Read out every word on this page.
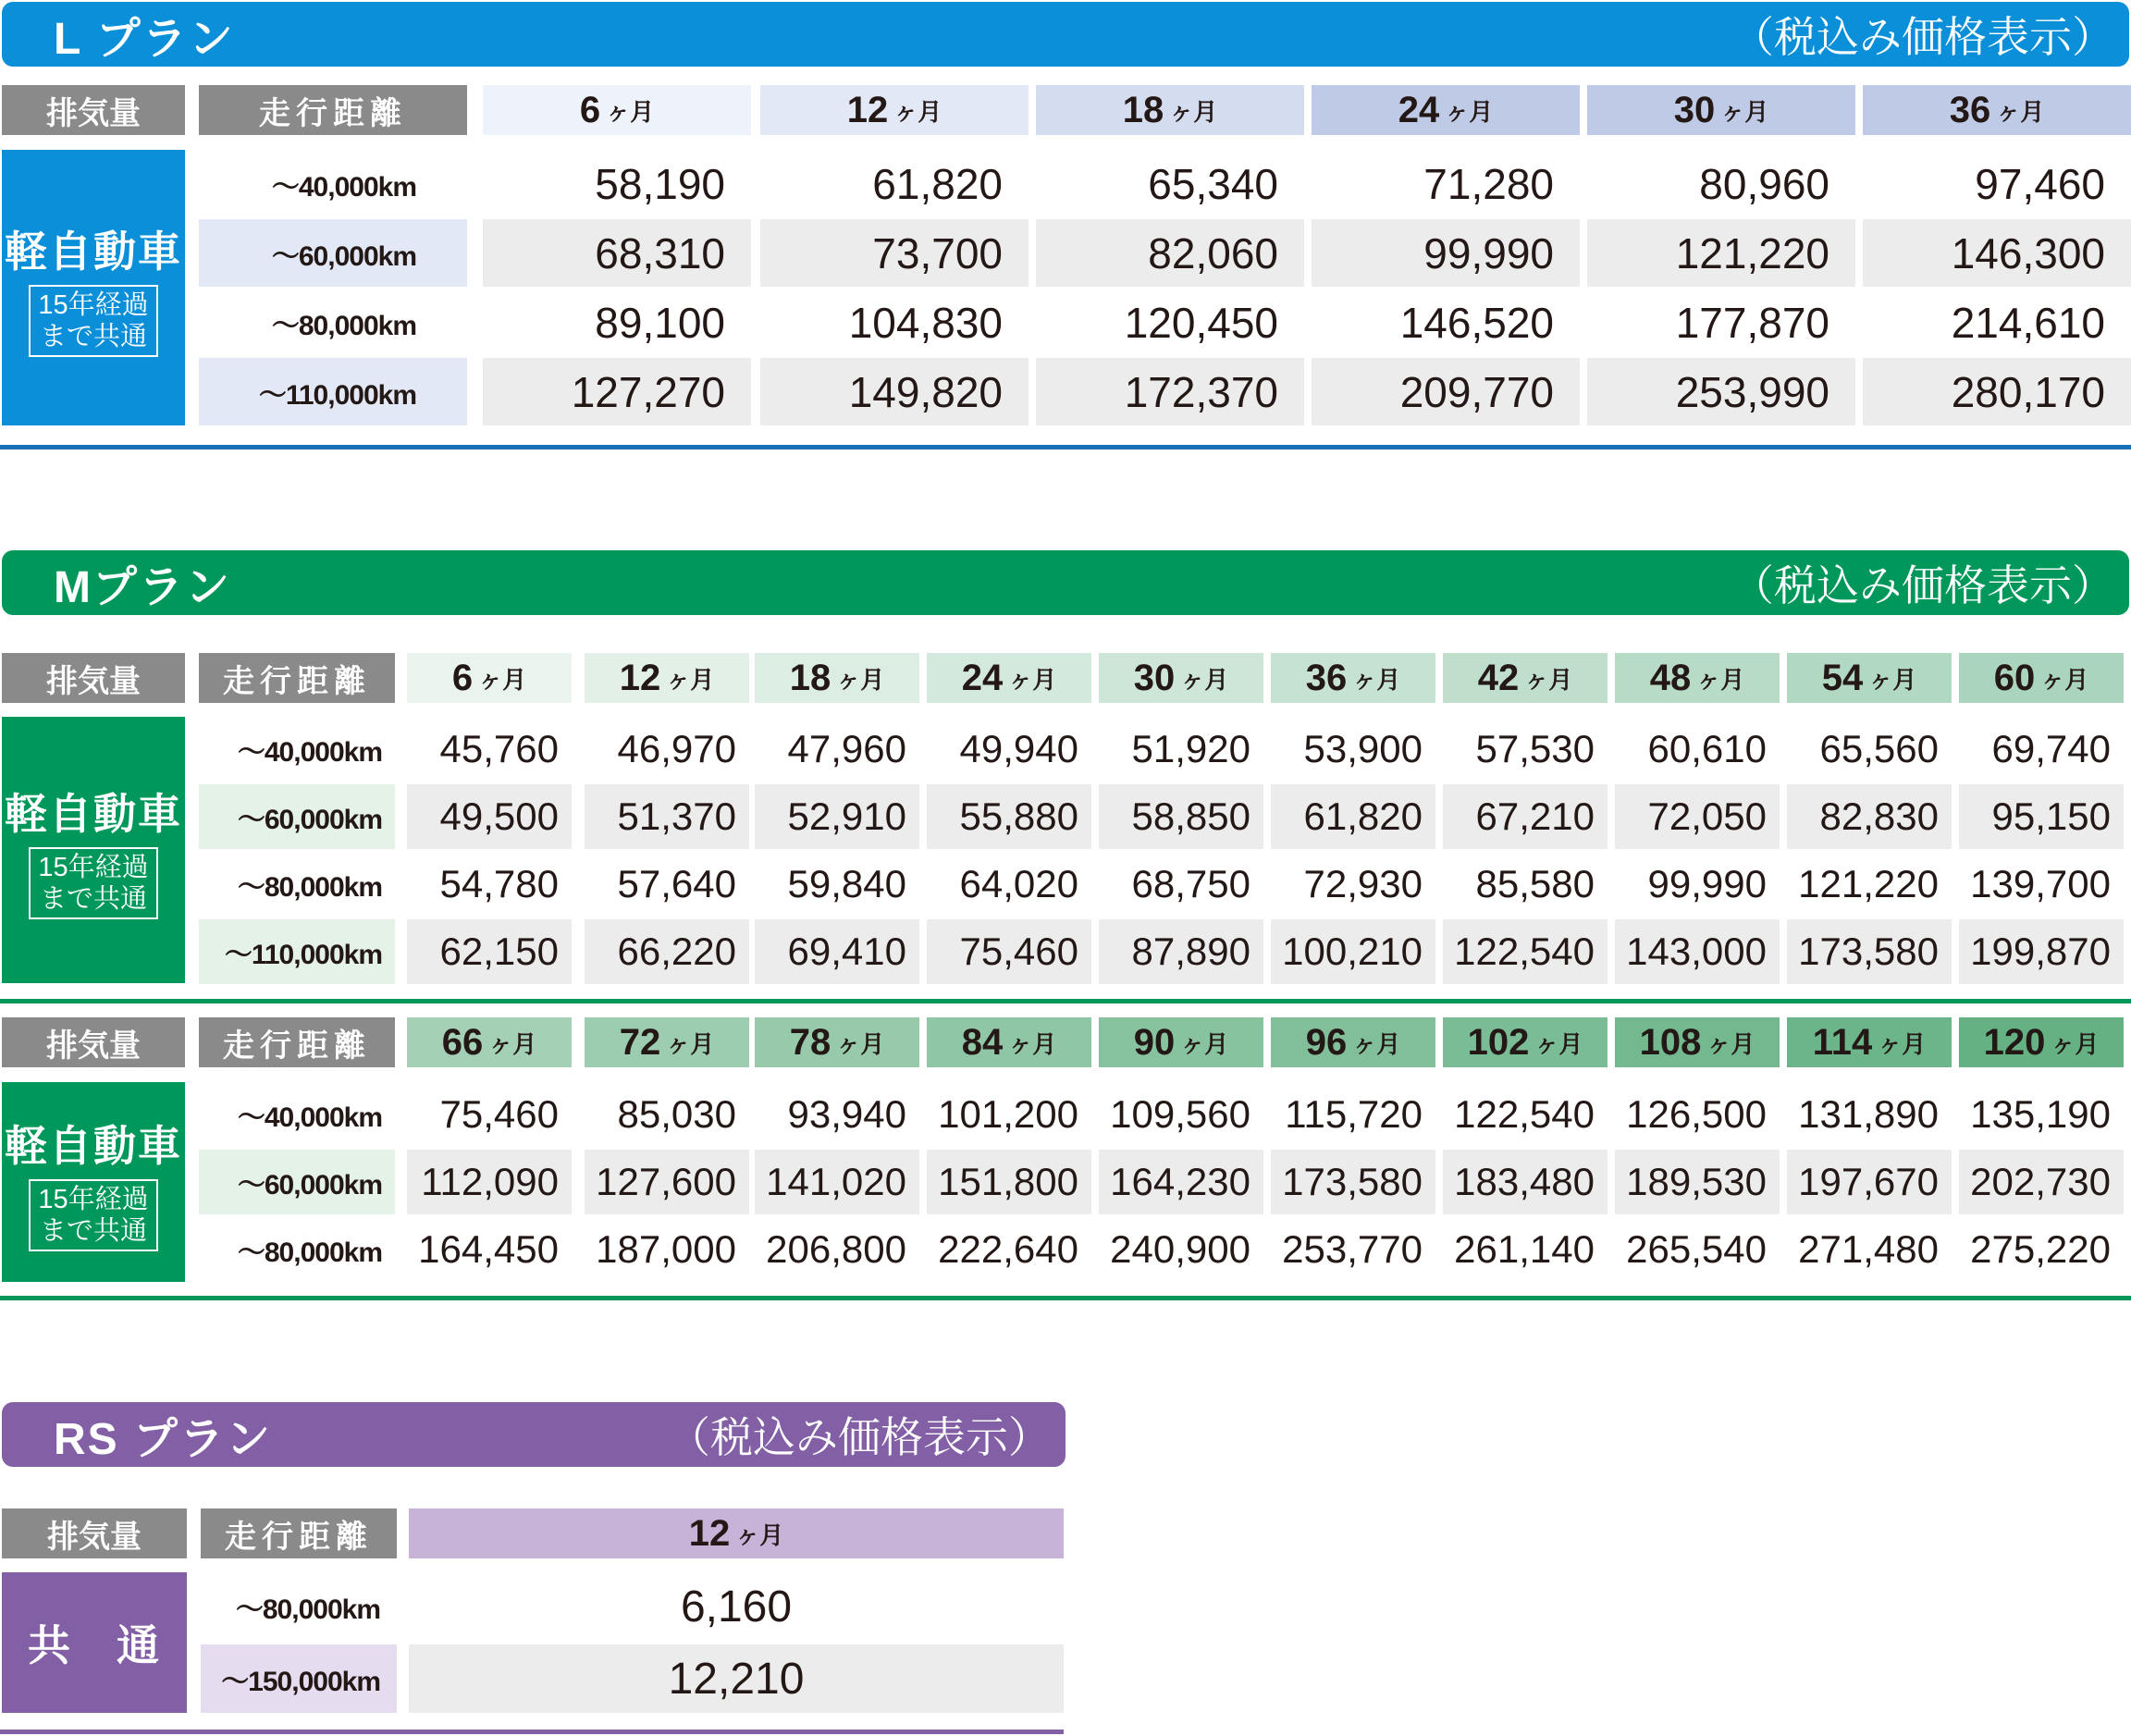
L プラン	（税込み価格表示）
排気量	走行距離	6 ヶ月	12 ヶ月	18 ヶ月	24 ヶ月	30 ヶ月	36 ヶ月
軽自動車
15年経過
まで共通
～40,000km	58,190	61,820	65,340	71,280	80,960	97,460
～60,000km	68,310	73,700	82,060	99,990	121,220	146,300
～80,000km	89,100	104,830	120,450	146,520	177,870	214,610
～110,000km	127,270	149,820	172,370	209,770	253,990	280,170
Mプラン	（税込み価格表示）
排気量	走行距離	6 ヶ月	12 ヶ月 18 ヶ月 24 ヶ月 30 ヶ月 36 ヶ月 42 ヶ月 48 ヶ月 54 ヶ月 60 ヶ月
軽自動車
15年経過
まで共通
～40,000km	45,760	46,970	47,960	49,940	51,920	53,900	57,530	60,610	65,560	69,740
～60,000km	49,500	51,370	52,910	55,880	58,850	61,820	67,210	72,050	82,830	95,150
～80,000km	54,780	57,640	59,840	64,020	68,750	72,930	85,580	99,990 121,220 139,700
～110,000km	62,150	66,220	69,410	75,460	87,890 100,210 122,540 143,000 173,580 199,870
排気量	走行距離	66 ヶ月 72 ヶ月 78 ヶ月 84 ヶ月 90 ヶ月 96 ヶ月 102 ヶ月 108 ヶ月 114 ヶ月 120 ヶ月
軽自動車
15年経過
まで共通
～40,000km	75,460	85,030	93,940 101,200 109,560 115,720 122,540 126,500 131,890 135,190
～60,000km	112,090 127,600 141,020 151,800 164,230 173,580 183,480 189,530 197,670 202,730
～80,000km 164,450 187,000 206,800 222,640 240,900 253,770 261,140 265,540 271,480 275,220
RS プラン	（税込み価格表示）
排気量	走行距離	12 ヶ月
共　通
～80,000km	6,160
～150,000km	12,210
